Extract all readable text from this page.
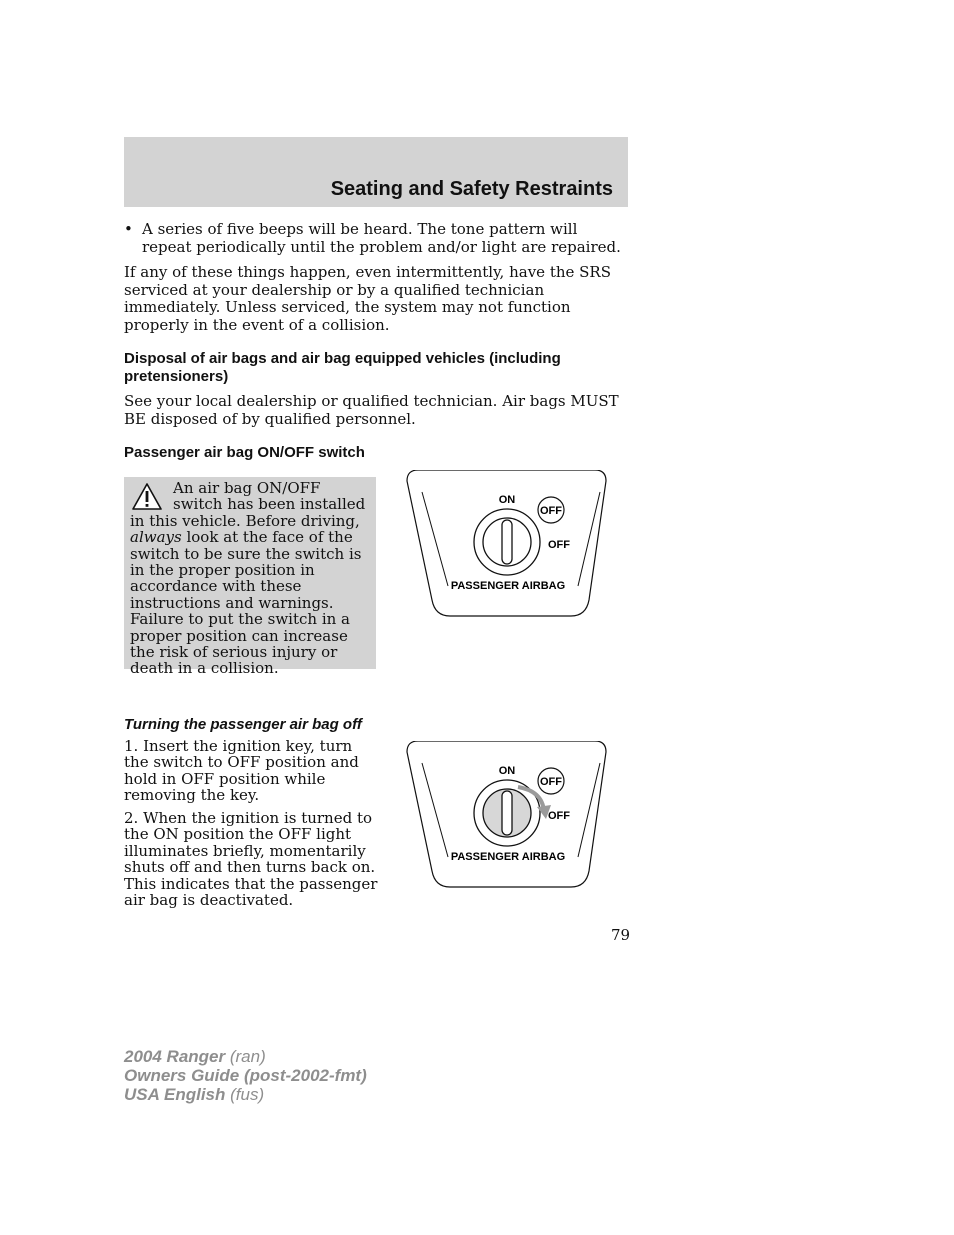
Seating and Safety Restraints
• A series of five beeps will be heard. The tone pattern will repeat periodically until the problem and/or light are repaired.
If any of these things happen, even intermittently, have the SRS serviced at your dealership or by a qualified technician immediately. Unless serviced, the system may not function properly in the event of a collision.
Disposal of air bags and air bag equipped vehicles (including pretensioners)
See your local dealership or qualified technician. Air bags MUST BE disposed of by qualified personnel.
Passenger air bag ON/OFF switch
An air bag ON/OFF switch has been installed in this vehicle. Before driving, always look at the face of the switch to be sure the switch is in the proper position in accordance with these instructions and warnings. Failure to put the switch in a proper position can increase the risk of serious injury or death in a collision.
ON
OFF
OFF
PASSENGER AIRBAG
Turning the passenger air bag off
1. Insert the ignition key, turn the switch to OFF position and hold in OFF position while removing the key.
2. When the ignition is turned to the ON position the OFF light illuminates briefly, momentarily shuts off and then turns back on. This indicates that the passenger air bag is deactivated.
ON
OFF
OFF
PASSENGER AIRBAG
79
2004 Ranger (ran)
Owners Guide (post-2002-fmt)
USA English (fus)
